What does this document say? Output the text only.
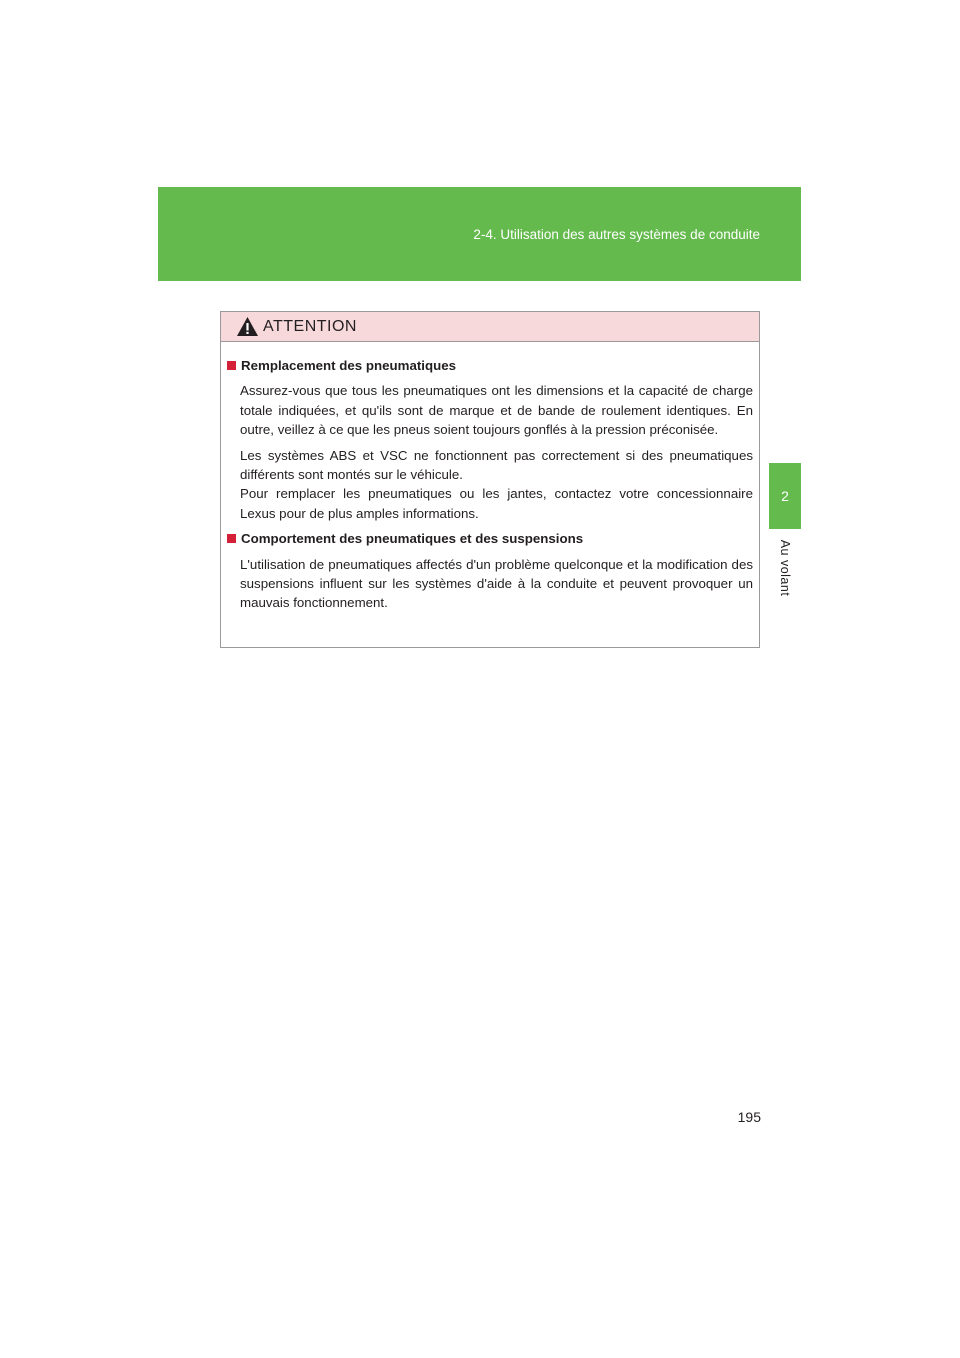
2-4. Utilisation des autres systèmes de conduite
2
Au volant
ATTENTION
Remplacement des pneumatiques

Assurez-vous que tous les pneumatiques ont les dimensions et la capacité de charge totale indiquées, et qu'ils sont de marque et de bande de roulement identiques. En outre, veillez à ce que les pneus soient toujours gonflés à la pression préconisée.

Les systèmes ABS et VSC ne fonctionnent pas correctement si des pneumatiques différents sont montés sur le véhicule.

Pour remplacer les pneumatiques ou les jantes, contactez votre concessionnaire Lexus pour de plus amples informations.

Comportement des pneumatiques et des suspensions

L'utilisation de pneumatiques affectés d'un problème quelconque et la modification des suspensions influent sur les systèmes d'aide à la conduite et peuvent provoquer un mauvais fonctionnement.

195
